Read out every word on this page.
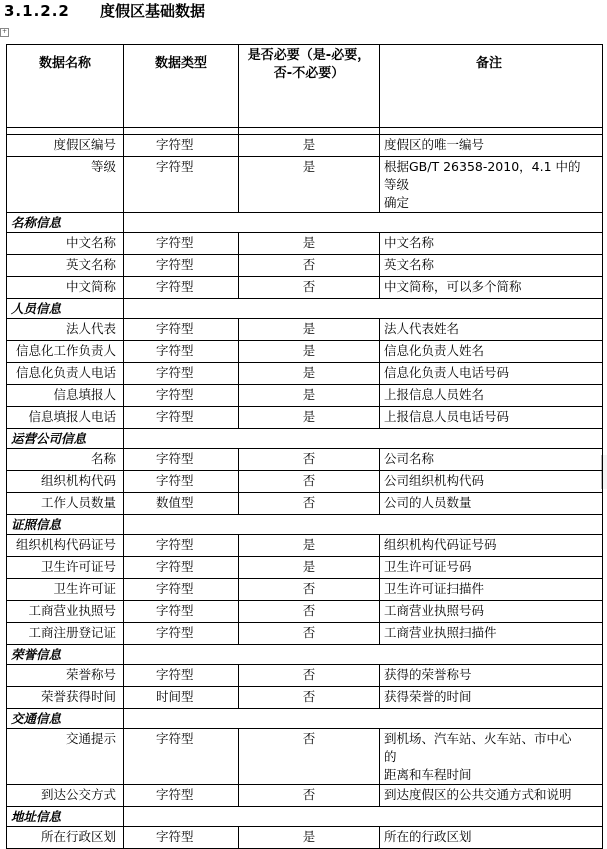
3.1.2.2 度假区基础数据
+
数据名称	数据类型	是否必要（是-必要，
否-不必要）	备注

度假区编号	字符型	是	度假区的唯一编号
等级	字符型	是	根据GB/T 26358-2010，4.1 中的
等级
确定

名称信息			
中文名称	字符型	是	中文名称
英文名称	字符型	否	英文名称
中文简称	字符型	否	中文简称，可以多个简称
人员信息			
法人代表	字符型	是	法人代表姓名
信息化工作负责人	字符型	是	信息化负责人姓名
信息化负责人电话	字符型	是	信息化负责人电话号码
信息填报人	字符型	是	上报信息人员姓名
信息填报人电话	字符型	是	上报信息人员电话号码
运营公司信息			
名称	字符型	否	公司名称
组织机构代码	字符型	否	公司组织机构代码
工作人员数量	数值型	否	公司的人员数量
证照信息			
组织机构代码证号	字符型	是	组织机构代码证号码
卫生许可证号	字符型	是	卫生许可证号码
卫生许可证	字符型	否	卫生许可证扫描件
工商营业执照号	字符型	否	工商营业执照号码
工商注册登记证	字符型	否	工商营业执照扫描件
荣誉信息			
荣誉称号	字符型	否	获得的荣誉称号
荣誉获得时间	时间型	否	获得荣誉的时间
交通信息			
交通提示	字符型	否	到机场、汽车站、火车站、市中心
的
距离和车程时间

到达公交方式	字符型	否	到达度假区的公共交通方式和说明
地址信息			
所在行政区划	字符型	是	所在的行政区划
